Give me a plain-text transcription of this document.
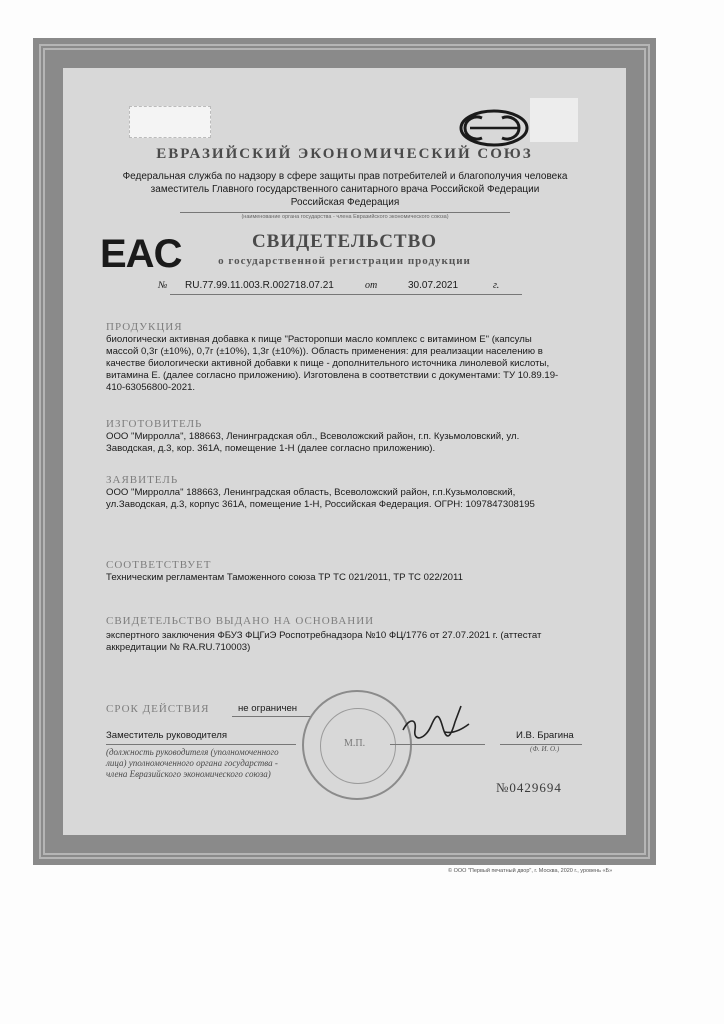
ЕВРАЗИЙСКИЙ ЭКОНОМИЧЕСКИЙ СОЮЗ
Федеральная служба по надзору в сфере защиты прав потребителей и благополучия человека
заместитель Главного государственного санитарного врача Российской Федерации
Российская Федерация
(наименование органа государства - члена Евразийского экономического союза)
EAC	СВИДЕТЕЛЬСТВО
о государственной регистрации продукции
№ RU.77.99.11.003.R.002718.07.21	от	30.07.2021	г.
ПРОДУКЦИЯ
биологически активная добавка к пище "Расторопши масло комплекс с витамином Е" (капсулы
массой 0,3г (±10%), 0,7г (±10%), 1,3г (±10%)). Область применения: для реализации населению в
качестве биологически активной добавки к пище - дополнительного источника линолевой кислоты,
витамина Е. (далее согласно приложению). Изготовлена в соответствии с документами: ТУ 10.89.19-
410-63056800-2021.
ИЗГОТОВИТЕЛЬ
ООО "Мирролла", 188663, Ленинградская обл., Всеволожский район, г.п. Кузьмоловский, ул.
Заводская, д.3, кор. 361А, помещение 1-Н (далее согласно приложению).
ЗАЯВИТЕЛЬ
ООО "Мирролла" 188663, Ленинградская область, Всеволожский район, г.п.Кузьмоловский,
ул.Заводская, д.3, корпус 361А, помещение 1-Н, Российская Федерация. ОГРН: 1097847308195
СООТВЕТСТВУЕТ
Техническим регламентам Таможенного союза ТР ТС 021/2011, ТР ТС 022/2011
СВИДЕТЕЛЬСТВО ВЫДАНО НА ОСНОВАНИИ
экспертного заключения ФБУЗ ФЦГиЭ Роспотребнадзора №10 ФЦ/1776 от 27.07.2021 г. (аттестат
аккредитации № RA.RU.710003)
СРОК ДЕЙСТВИЯ	не ограничен
М.П.
Заместитель руководителя
(должность руководителя (уполномоченного
лица) уполномоченного органа государства -
члена Евразийского экономического союза)
И.В. Брагина
(Ф. И. О.)
№0429694
© ООО "Первый печатный двор", г. Москва, 2020 г., уровень «Б»
